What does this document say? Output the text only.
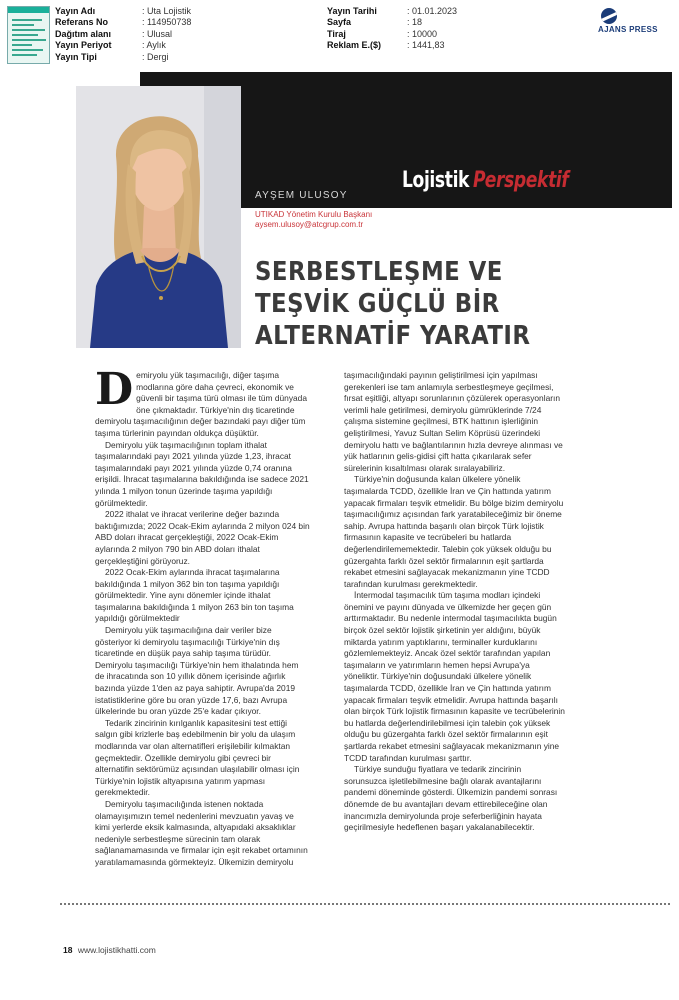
Yayın Adı	: Uta Lojistik
Referans No	: 114950738
Dağıtım alanı	: Ulusal
Yayın Periyot	: Aylık
Yayın Tipi	: Dergi
Yayın Tarihi	: 01.01.2023
Sayfa	: 18
Tiraj	: 10000
Reklam E.($)	: 1441,83
AJANS PRESS
AYŞEM ULUSOY
UTIKAD Yönetim Kurulu Başkanı
aysem.ulusoy@atcgrup.com.tr
Lojistik Perspektif
SERBESTLEŞME VE
TEŞVİK GÜÇLÜ BİR
ALTERNATİF YARATIR

Demiryolu yük taşımacılığı, diğer taşıma modlarına göre daha çevreci, ekonomik ve güvenli bir taşıma türü olması ile tüm dünyada öne çıkmaktadır. Türkiye'nin dış ticaretinde demiryolu taşımacılığının değer bazındaki payı diğer tüm taşıma türlerinin payından oldukça düşüktür.

Demiryolu yük taşımacılığının toplam ithalat taşımalarındaki payı 2021 yılında yüzde 1,23, ihracat taşımalarındaki payı 2021 yılında yüzde 0,74 oranına erişildi. İhracat taşımalarına bakıldığında ise sadece 2021 yılında 1 milyon tonun üzerinde taşıma yapıldığı görülmektedir.

2022 ithalat ve ihracat verilerine değer bazında baktığımızda; 2022 Ocak-Ekim aylarında 2 milyon 024 bin ABD doları ihracat gerçekleştiği, 2022 Ocak-Ekim aylarında 2 milyon 790 bin ABD doları ithalat gerçekleştiğini görüyoruz.

2022 Ocak-Ekim aylarında ihracat taşımalarına bakıldığında 1 milyon 362 bin ton taşıma yapıldığı görülmektedir. Yine aynı dönemler içinde ithalat taşımalarına bakıldığında 1 milyon 263 bin ton taşıma yapıldığı görülmektedir

Demiryolu yük taşımacılığına dair veriler bize gösteriyor ki demiryolu taşımacılığı Türkiye'nin dış ticaretinde en düşük paya sahip taşıma türüdür. Demiryolu taşımacılığı Türkiye'nin hem ithalatında hem de ihracatında son 10 yıllık dönem içerisinde ağırlık bazında yüzde 1'den az paya sahiptir. Avrupa'da 2019 istatistiklerine göre bu oran yüzde 17,6, bazı Avrupa ülkelerinde bu oran yüzde 25'e kadar çıkıyor.

Tedarik zincirinin kırılganlık kapasitesini test ettiği salgın gibi krizlerle baş edebilmenin bir yolu da ulaşım modlarında var olan alternatifleri erişilebilir kılmaktan geçmektedir. Özellikle demiryolu gibi çevreci bir alternatifin sektörümüz açısından ulaşılabilir olması için Türkiye'nin lojistik altyapısına yatırım yapması gerekmektedir.

Demiryolu taşımacılığında istenen noktada olamayışımızın temel nedenlerini mevzuatın yavaş ve kimi yerlerde eksik kalmasında, altyapıdaki aksaklıklar nedeniyle serbestleşme sürecinin tam olarak sağlanamamasında ve firmalar için eşit rekabet ortamının yaratılamamasında görmekteyiz. Ülkemizin demiryolu

taşımacılığındaki payının geliştirilmesi için yapılması gerekenleri ise tam anlamıyla serbestleşmeye geçilmesi, fırsat eşitliği, altyapı sorunlarının çözülerek operasyonların verimli hale getirilmesi, demiryolu gümrüklerinde 7/24 çalışma sistemine geçilmesi, BTK hattının işlerliğinin geliştirilmesi, Yavuz Sultan Selim Köprüsü üzerindeki demiryolu hattı ve bağlantılarının hızla devreye alınması ve yük hatlarının gelis-gidisi çift hatta çıkarılarak sefer sürelerinin kısaltılması olarak sıralayabiliriz.

Türkiye'nin doğusunda kalan ülkelere yönelik taşımalarda TCDD, özellikle İran ve Çin hattında yatırım yapacak firmaları teşvik etmelidir. Bu bölge bizim demiryolu taşımacılığımız açısından fark yaratabileceğimiz bir öneme sahip. Avrupa hattında başarılı olan birçok Türk lojistik firmasının kapasite ve tecrübeleri bu hatlarda değerlendirilememektedir. Talebin çok yüksek olduğu bu güzergahta farklı özel sektör firmalarının eşit şartlarda rekabet etmesini sağlayacak mekanizmanın yine TCDD tarafından kurulması gerekmektedir.

İntermodal taşımacılık tüm taşıma modları içindeki önemini ve payını dünyada ve ülkemizde her geçen gün arttırmaktadır. Bu nedenle intermodal taşımacılıkta bugün birçok özel sektör lojistik şirketinin yer aldığını, büyük miktarda yatırım yaptıklarını, terminaller kurduklarını gözlemlemekteyiz. Ancak özel sektör tarafından yapılan taşımaların ve yatırımların hemen hepsi Avrupa'ya yöneliktir. Türkiye'nin doğusundaki ülkelere yönelik taşımalarda TCDD, özellikle İran ve Çin hattında yatırım yapacak firmaları teşvik etmelidir. Avrupa hattında başarılı olan birçok Türk lojistik firmasının kapasite ve tecrübelerinin bu hatlarda değerlendirilebilmesi için talebin çok yüksek olduğu bu güzergahta farklı özel sektör firmalarının eşit şartlarda rekabet etmesini sağlayacak mekanizmanın yine TCDD tarafından kurulması şarttır.

Türkiye sunduğu fiyatlara ve tedarik zincirinin sorunsuzca işletilebilmesine bağlı olarak avantajlarını pandemi döneminde gösterdi. Ülkemizin pandemi sonrası dönemde de bu avantajları devam ettirebileceğine olan inancımızla demiryolunda proje seferberliğinin hayata geçirilmesiyle hedeflenen başarı yakalanabilecektir.

18 www.lojistikhatti.com
